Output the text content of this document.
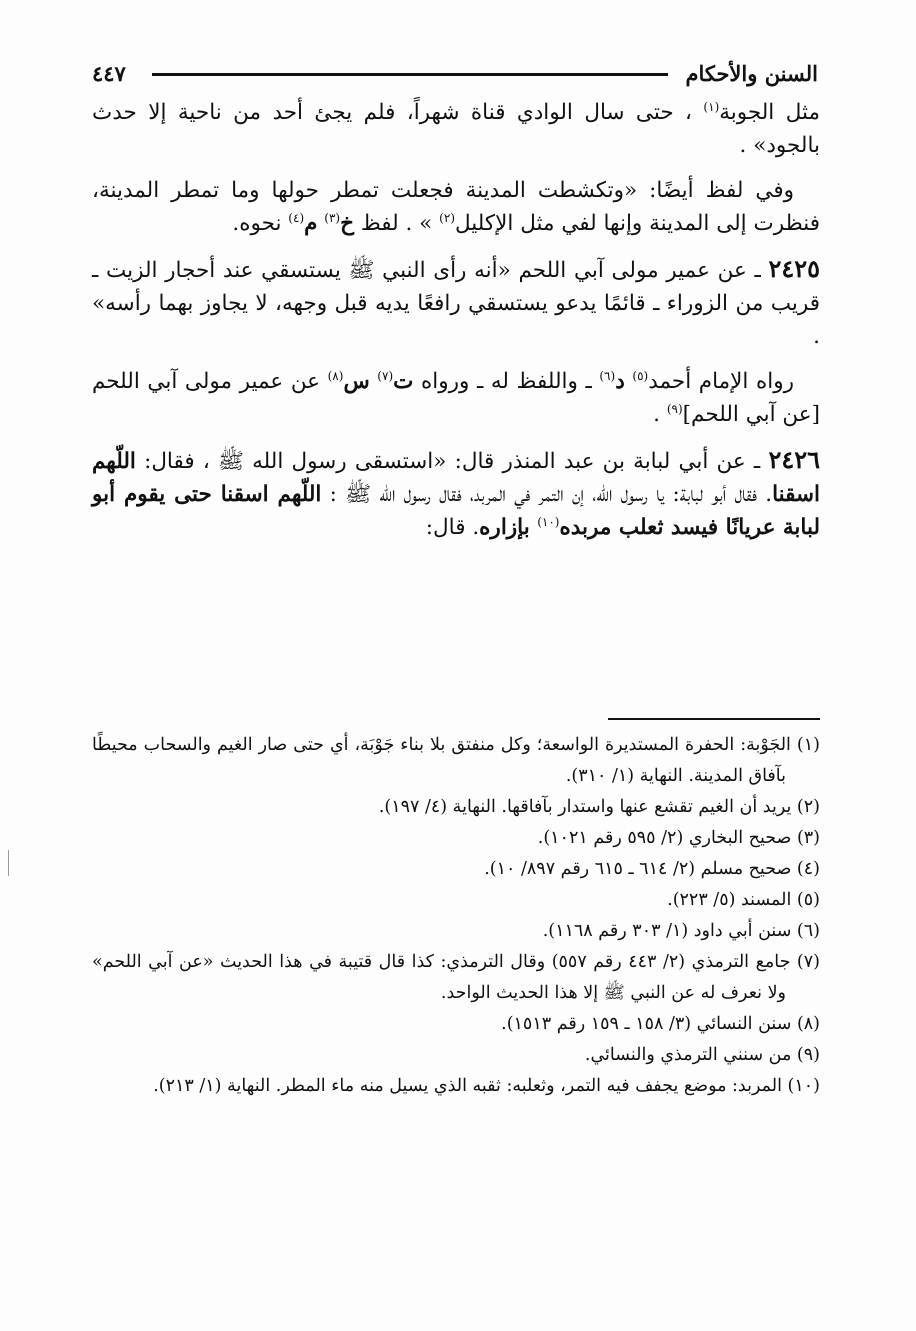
السنن والأحكام
٤٤٧

مثل الجوبة$^{(١)}$ ، حتى سال الوادي قناة شهراً، فلم يجئ أحد من ناحية إلا حدث بالجود» .

وفي لفظ أيضًا: «وتكشطت المدينة فجعلت تمطر حولها وما تمطر المدينة، فنظرت إلى المدينة وإنها لفي مثل الإكليل$^{(٢)}$ » . لفظ خ$^{(٣)}$ م$^{(٤)}$ نحوه.

٢٤٢٥ ـ عن عمير مولى آبي اللحم «أنه رأى النبي ﷺ يستسقي عند أحجار الزيت ـ قريب من الزوراء ـ قائمًا يدعو يستسقي رافعًا يديه قبل وجهه، لا يجاوز بهما رأسه» .

رواه الإمام أحمد$^{(٥)}$ د$^{(٦)}$ ـ واللفظ له ـ ورواه ت$^{(٧)}$ س$^{(٨)}$ عن عمير مولى آبي اللحم [عن آبي اللحم]$^{(٩)}$ .

٢٤٢٦ ـ عن أبي لبابة بن عبد المنذر قال: «استسقى رسول الله ﷺ ، فقال: اللّهم اسقنا. فقال أبو لبابة: يا رسول الله، إن التمر في المربد، فقال رسول الله ﷺ : اللّهم اسقنا حتى يقوم أبو لبابة عريانًا فيسد ثعلب مربده$^{(١٠)}$ بإزاره. قال:

(١) الجَوْبة: الحفرة المستديرة الواسعة؛ وكل منفتق بلا بناء جَوْبَة، أي حتى صار الغيم والسحاب محيطًا بآفاق المدينة. النهاية (١/ ٣١٠).

(٢) يريد أن الغيم تقشع عنها واستدار بآفاقها. النهاية (٤/ ١٩٧).

(٣) صحيح البخاري (٢/ ٥٩٥ رقم ١٠٢١).

(٤) صحيح مسلم (٢/ ٦١٤ ـ ٦١٥ رقم ٨٩٧/ ١٠).

(٥) المسند (٥/ ٢٢٣).

(٦) سنن أبي داود (١/ ٣٠٣ رقم ١١٦٨).

(٧) جامع الترمذي (٢/ ٤٤٣ رقم ٥٥٧) وقال الترمذي: كذا قال قتيبة في هذا الحديث «عن آبي اللحم» ولا نعرف له عن النبي ﷺ إلا هذا الحديث الواحد.

(٨) سنن النسائي (٣/ ١٥٨ ـ ١٥٩ رقم ١٥١٣).

(٩) من سنني الترمذي والنسائي.

(١٠) المربد: موضع يجفف فيه التمر، وثعلبه: ثقبه الذي يسيل منه ماء المطر. النهاية (١/ ٢١٣).
